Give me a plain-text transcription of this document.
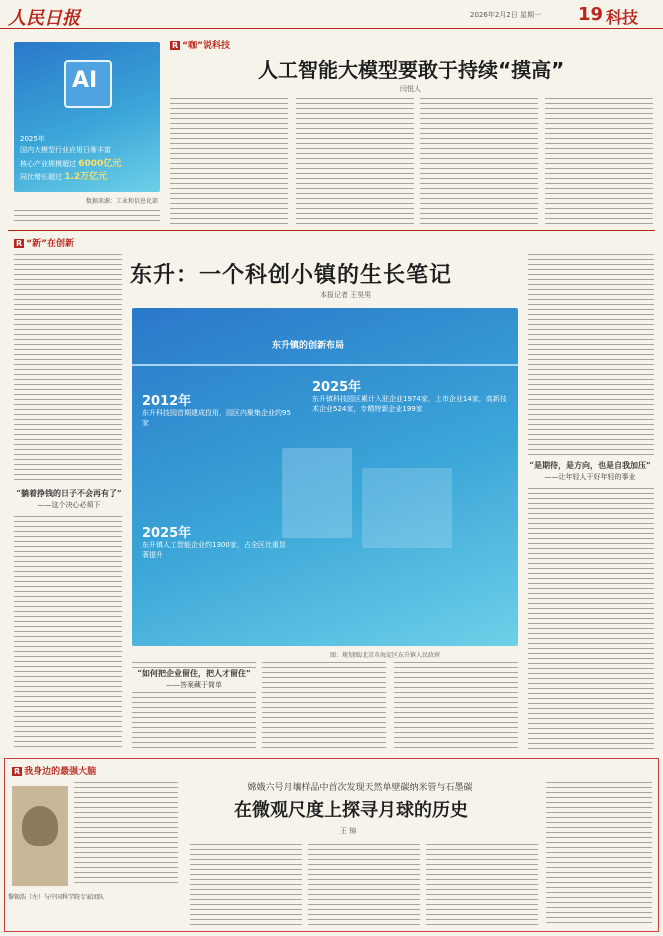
人民日报	2026年2月2日 星期一 19 科技
R “咖”说科技
人工智能大模型要敢于持续“摸高”
闫悦人
AI
2025年
国内大模型行业应用日渐丰富
核心产业规模超过 6000亿元
同比增长超过 1.2万亿元
数据来源：工业和信息化部
R “新”在创新
东升：一个科创小镇的生长笔记
本报记者 王昊男
“躺着挣钱的日子不会再有了”
——这个决心必须下
东升镇的创新布局
2012年
东升科技园首期建成投用，园区内聚集企业约95家
2025年
东升镇科技园区累计入驻企业1974家，上市企业14家，高新技术企业524家，专精特新企业199家
2025年
东升镇人工智能企业约1300家，占全区比重显著提升
图：规划图/北京市海淀区东升镇人民政府
“是期待，是方向，也是自我加压”
——让年轻人干好年轻的事业
“如何把企业留住，把人才留住”
——答案藏于简单
R 我身边的最强大脑
黎锡浩（左）与中国科学院专家团队
嫦娥六号月壤样品中首次发现天然单壁碳纳米管与石墨碳
在微观尺度上探寻月球的历史
王 锦
